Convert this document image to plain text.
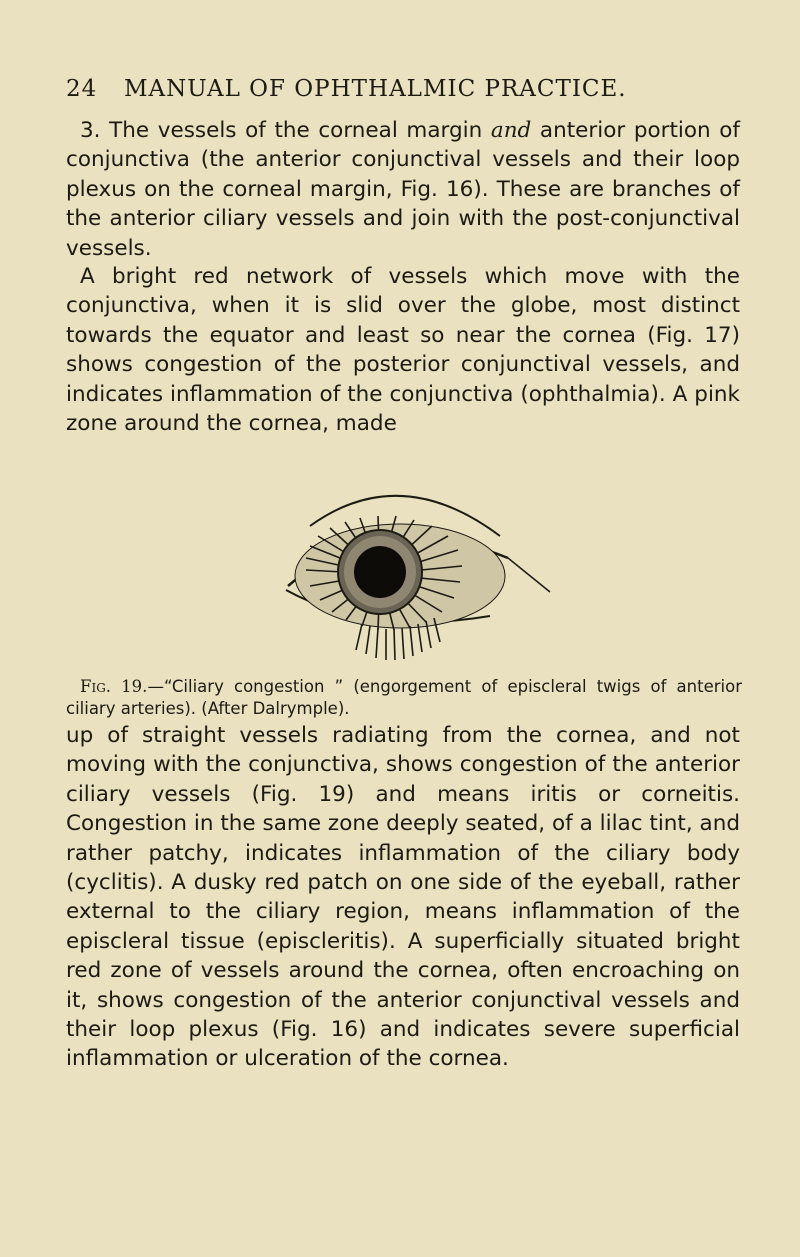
24 MANUAL OF OPHTHALMIC PRACTICE.

3. The vessels of the corneal margin and anterior portion of conjunctiva (the anterior conjunctival vessels and their loop plexus on the corneal margin, Fig. 16). These are branches of the anterior ciliary vessels and join with the post-conjunctival vessels.

A bright red network of vessels which move with the conjunctiva, when it is slid over the globe, most distinct towards the equator and least so near the cornea (Fig. 17) shows congestion of the posterior conjunctival vessels, and indicates inflammation of the conjunctiva (ophthalmia). A pink zone around the cornea, made

Fig. 19.—“Ciliary congestion ” (engorgement of episcleral twigs of anterior ciliary arteries). (After Dalrymple).

up of straight vessels radiating from the cornea, and not moving with the conjunctiva, shows congestion of the anterior ciliary vessels (Fig. 19) and means iritis or corneitis. Congestion in the same zone deeply seated, of a lilac tint, and rather patchy, indicates inflammation of the ciliary body (cyclitis). A dusky red patch on one side of the eyeball, rather external to the ciliary region, means inflammation of the episcleral tissue (episcleritis). A superficially situated bright red zone of vessels around the cornea, often encroaching on it, shows congestion of the anterior conjunctival vessels and their loop plexus (Fig. 16) and indicates severe superficial inflammation or ulceration of the cornea.
